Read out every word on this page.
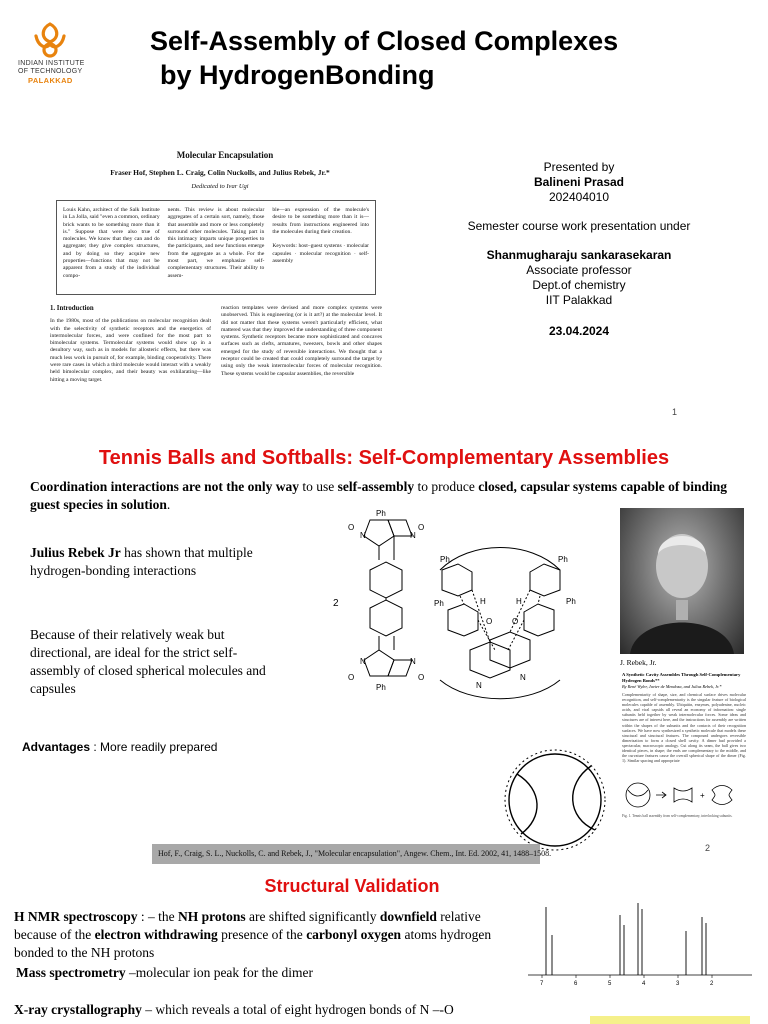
INDIAN INSTITUTE
OF TECHNOLOGY
PALAKKAD
Self-Assembly of Closed Complexes
by HydrogenBonding
Molecular Encapsulation
Fraser Hof, Stephen L. Craig, Colin Nuckolls, and Julius Rebek, Jr.*
Dedicated to Ivar Ugi
Louis Kahn, architect of the Salk Institute in La Jolla, said "even a common, ordinary brick wants to be something more than it is." Suppose that were also true of molecules. We know that they can and do aggregate; they give complex structures, and by doing so they acquire new properties—functions that may not be apparent from a study of the individual compo-
nents. This review is about molecular aggregates of a certain sort, namely, those that assemble and more or less completely surround other molecules. Taking part in this intimacy imparts unique properties to the participants, and new functions emerge from the aggregate as a whole. For the most part, we emphasize self-complementary structures. Their ability to assem-
ble—an expression of the molecule's desire to be something more than it is—results from instructions engineered into the molecules during their creation.

Keywords: host–guest systems · molecular capsules · molecular recognition · self-assembly
1. Introduction
In the 1980s, most of the publications on molecular recognition dealt with the selectivity of synthetic receptors and the energetics of intermolecular forces, and were confined for the most part to bimolecular systems. Termolecular systems would show up in a desultory way, such as in models for allosteric effects, but there was much less work in pursuit of, for example, binding cooperativity. There were rare cases in which a third molecule would interact with a weakly held bimolecular complex, and their beauty was exhilarating—like hitting a moving target.
reaction templates were devised and more complex systems were unobserved. This is engineering (or is it art?) at the molecular level. It did not matter that these systems weren't particularly efficient, what mattered was that they improved the understanding of three component systems. Synthetic receptors became more sophisticated and concaves surfaces such as clefts, armatures, tweezers, bowls and other shapes emerged for the study of reversible interactions. We thought that a receptor could be created that could completely surround the target by using only the weak intermolecular forces of molecular recognition. These systems would be capsular assemblies, the reversible
Presented by
Balineni Prasad
202404010
Semester course work presentation under
Shanmugharaju sankarasekaran
Associate professor
Dept.of chemistry
IIT Palakkad
23.04.2024
1
Tennis Balls and Softballs: Self-Complementary Assemblies
Coordination interactions are not the only way to use self-assembly to produce closed, capsular systems capable of binding guest species in solution.
Julius Rebek Jr has shown that multiple hydrogen-bonding interactions
Because of their relatively weak but directional, are ideal for the strict self-assembly of closed spherical molecules and capsules
Advantages : More readily prepared
2
Ph
N	N
O	O
N	N
O	O
Ph
Ph
Ph
Ph
Ph
H	H
O O
N
N
J. Rebek, Jr.
A Synthetic Cavity Assembles Through Self-Complementary Hydrogen Bonds**
By René Wyler, Javier de Mendoza, and Julius Rebek, Jr.*
Complementarity of shape, size, and chemical surface drives molecular recognition, and self-complementarity is the singular feature of biological molecules capable of assembly. Ubiquitin, enzymes, polyadenine, nucleic acids, and viral capsids all reveal an economy of information: single subunits held together by weak intermolecular forces. Some ideas and structures are of interest here, and the instructions for assembly are written within the shapes of the subunits and the contacts of their recognition surfaces. We have now synthesized a synthetic molecule that models these structural and structural features. The compound undergoes reversible dimerization to form a closed shell cavity. A dimer had provided a spectacular, macroscopic analogy. Cut along its seam, the ball gives two identical pieces, in shape; the ends are complementary to the middle, and the curvature features cause the overall spherical shape of the dimer (Fig. 1). Similar spacing and appropriate
+
Fig. 1. Tennis ball assembly from self-complementary, interlocking subunits.
Hof, F., Craig, S. L., Nuckolls, C. and Rebek, J., "Molecular encapsulation", Angew. Chem., Int. Ed. 2002, 41, 1488–1508.
2
Structural Validation
H NMR spectroscopy : – the NH protons are shifted significantly downfield relative because of the electron withdrawing presence of the carbonyl oxygen atoms hydrogen bonded to the NH protons
Mass spectrometry –molecular ion peak for the dimer
X-ray crystallography – which reveals a total of eight hydrogen bonds of N –-O
7	6	5	4	3	2
